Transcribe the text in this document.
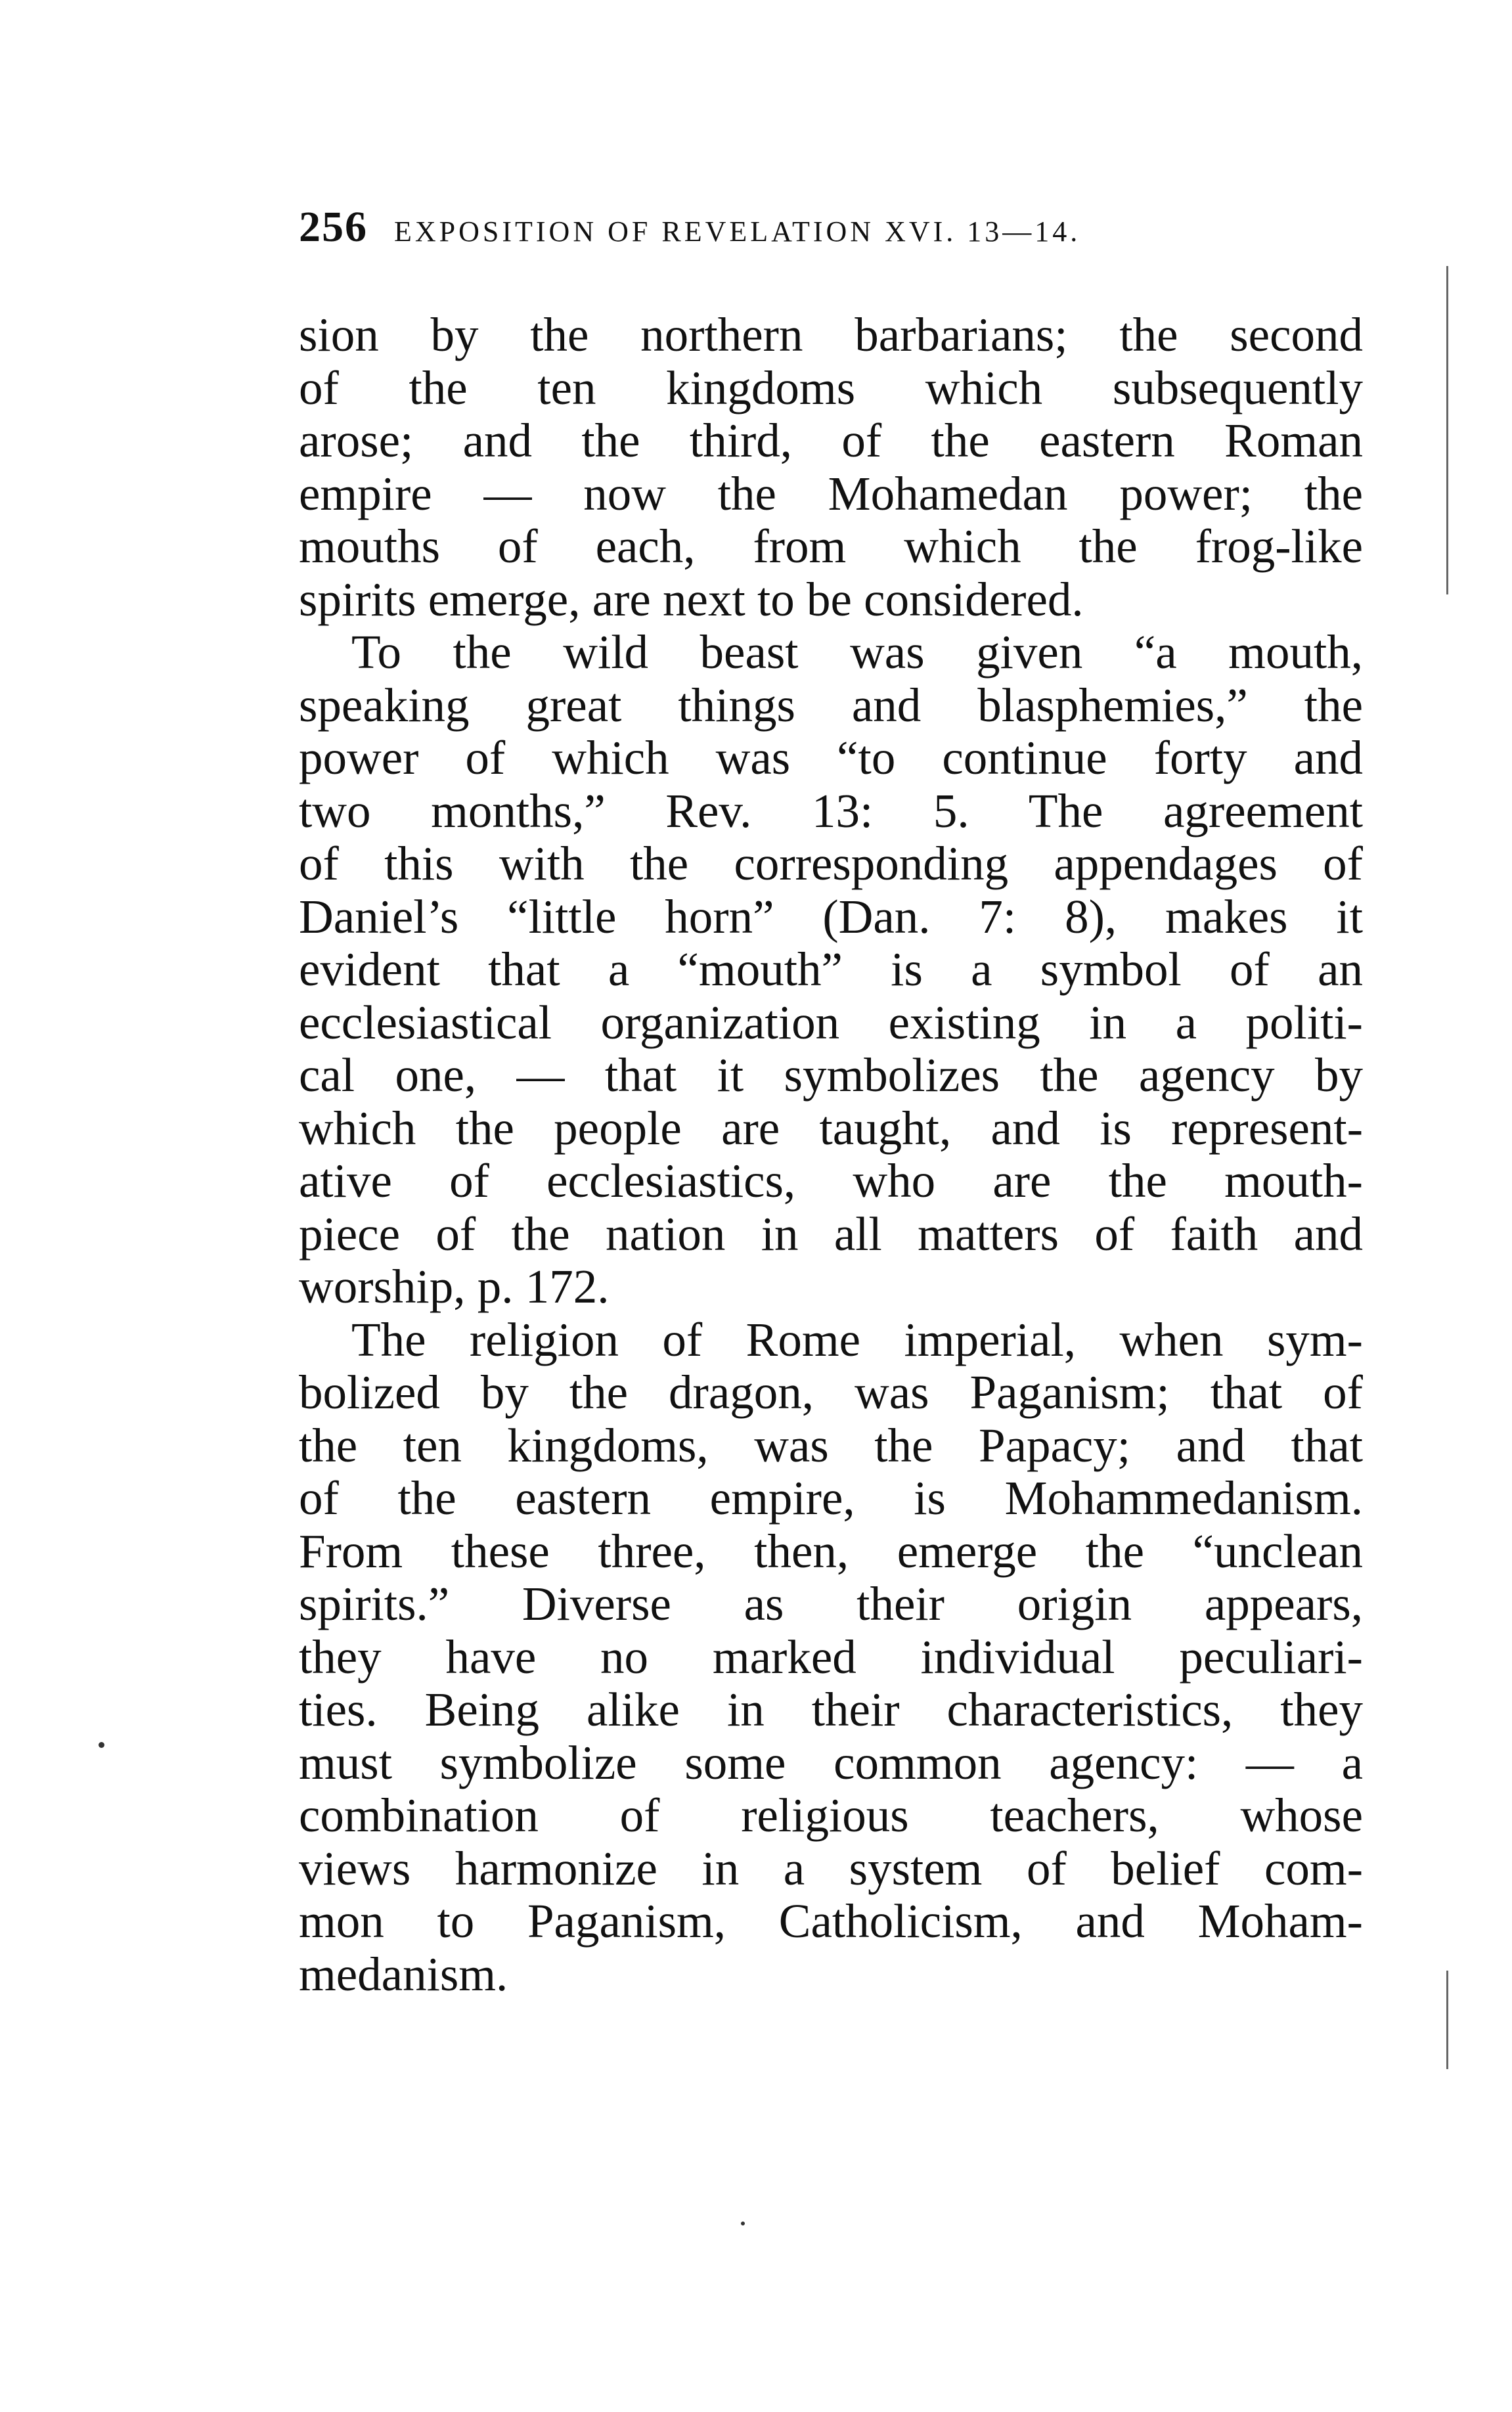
256 EXPOSITION OF REVELATION XVI. 13—14.
sion by the northern barbarians; the second
of the ten kingdoms which subsequently
arose; and the third, of the eastern Roman
empire — now the Mohamedan power; the
mouths of each, from which the frog-like
spirits emerge, are next to be considered.
To the wild beast was given “a mouth,
speaking great things and blasphemies,” the
power of which was “to continue forty and
two months,” Rev. 13: 5. The agreement
of this with the corresponding appendages of
Daniel’s “little horn” (Dan. 7: 8), makes it
evident that a “mouth” is a symbol of an
ecclesiastical organization existing in a politi-
cal one, — that it symbolizes the agency by
which the people are taught, and is represent-
ative of ecclesiastics, who are the mouth-
piece of the nation in all matters of faith and
worship, p. 172.
The religion of Rome imperial, when sym-
bolized by the dragon, was Paganism; that of
the ten kingdoms, was the Papacy; and that
of the eastern empire, is Mohammedanism.
From these three, then, emerge the “unclean
spirits.” Diverse as their origin appears,
they have no marked individual peculiari-
ties. Being alike in their characteristics, they
must symbolize some common agency: — a
combination of religious teachers, whose
views harmonize in a system of belief com-
mon to Paganism, Catholicism, and Moham-
medanism.
